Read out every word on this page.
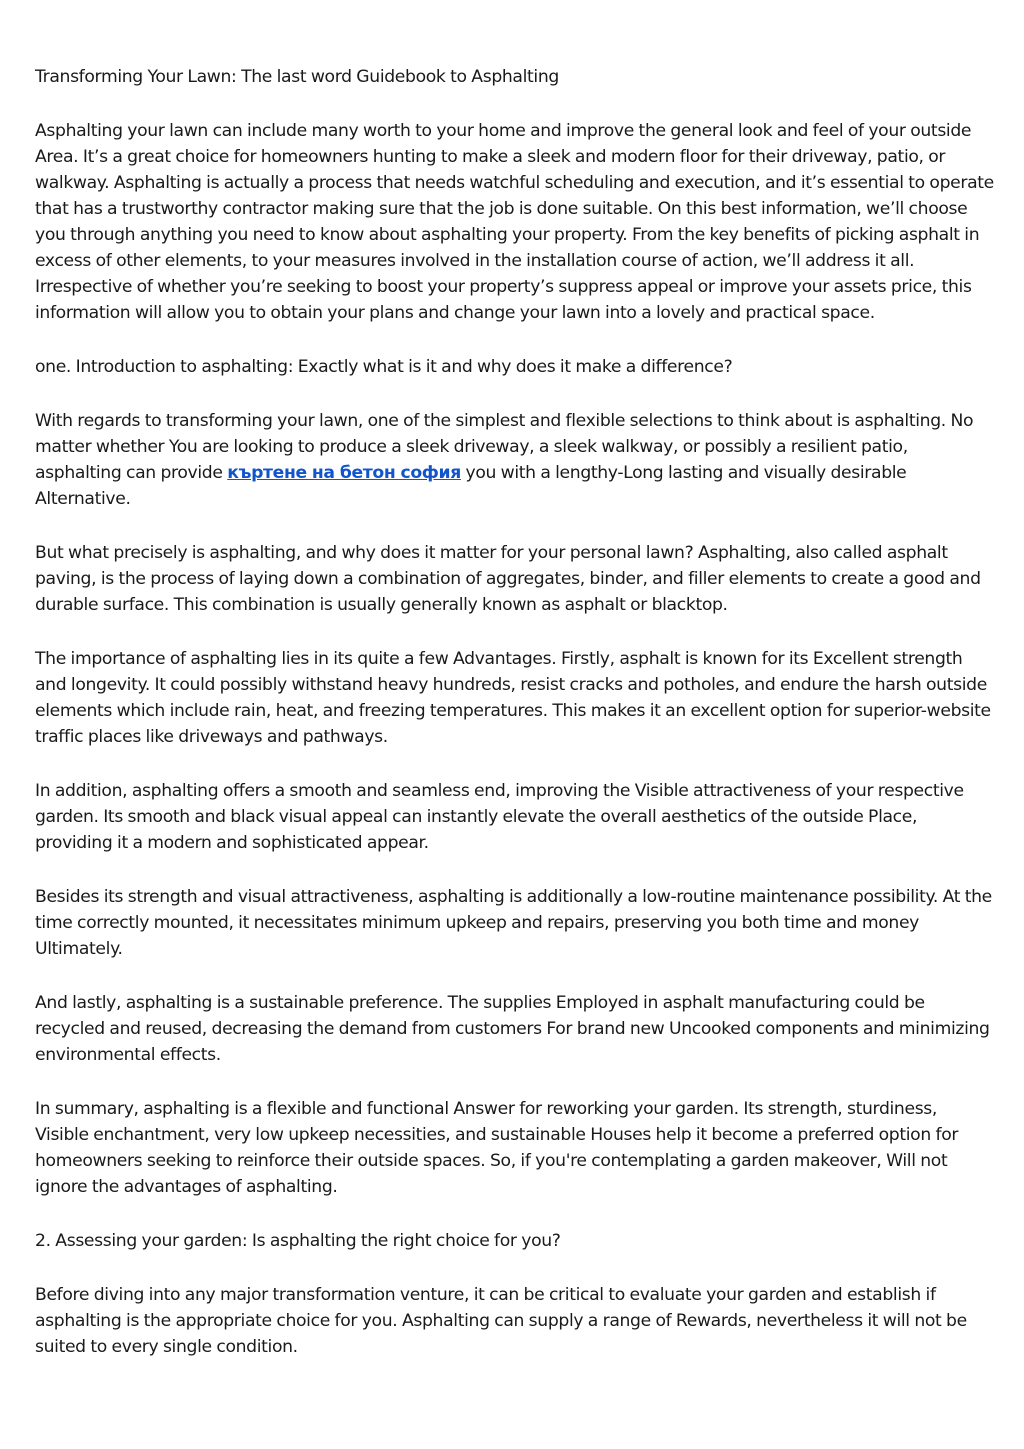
Transforming Your Lawn: The last word Guidebook to Asphalting

Asphalting your lawn can include many worth to your home and improve the general look and feel of your outside Area. It’s a great choice for homeowners hunting to make a sleek and modern floor for their driveway, patio, or walkway. Asphalting is actually a process that needs watchful scheduling and execution, and it’s essential to operate that has a trustworthy contractor making sure that the job is done suitable. On this best information, we’ll choose you through anything you need to know about asphalting your property. From the key benefits of picking asphalt in excess of other elements, to your measures involved in the installation course of action, we’ll address it all. Irrespective of whether you’re seeking to boost your property’s suppress appeal or improve your assets price, this information will allow you to obtain your plans and change your lawn into a lovely and practical space.

one. Introduction to asphalting: Exactly what is it and why does it make a difference?

With regards to transforming your lawn, one of the simplest and flexible selections to think about is asphalting. No matter whether You are looking to produce a sleek driveway, a sleek walkway, or possibly a resilient patio, asphalting can provide къртене на бетон софия you with a lengthy-Long lasting and visually desirable Alternative.

But what precisely is asphalting, and why does it matter for your personal lawn? Asphalting, also called asphalt paving, is the process of laying down a combination of aggregates, binder, and filler elements to create a good and durable surface. This combination is usually generally known as asphalt or blacktop.

The importance of asphalting lies in its quite a few Advantages. Firstly, asphalt is known for its Excellent strength and longevity. It could possibly withstand heavy hundreds, resist cracks and potholes, and endure the harsh outside elements which include rain, heat, and freezing temperatures. This makes it an excellent option for superior-website traffic places like driveways and pathways.

In addition, asphalting offers a smooth and seamless end, improving the Visible attractiveness of your respective garden. Its smooth and black visual appeal can instantly elevate the overall aesthetics of the outside Place, providing it a modern and sophisticated appear.

Besides its strength and visual attractiveness, asphalting is additionally a low-routine maintenance possibility. At the time correctly mounted, it necessitates minimum upkeep and repairs, preserving you both time and money Ultimately.

And lastly, asphalting is a sustainable preference. The supplies Employed in asphalt manufacturing could be recycled and reused, decreasing the demand from customers For brand new Uncooked components and minimizing environmental effects.

In summary, asphalting is a flexible and functional Answer for reworking your garden. Its strength, sturdiness, Visible enchantment, very low upkeep necessities, and sustainable Houses help it become a preferred option for homeowners seeking to reinforce their outside spaces. So, if you're contemplating a garden makeover, Will not ignore the advantages of asphalting.

2. Assessing your garden: Is asphalting the right choice for you?

Before diving into any major transformation venture, it can be critical to evaluate your garden and establish if asphalting is the appropriate choice for you. Asphalting can supply a range of Rewards, nevertheless it will not be suited to every single condition.
